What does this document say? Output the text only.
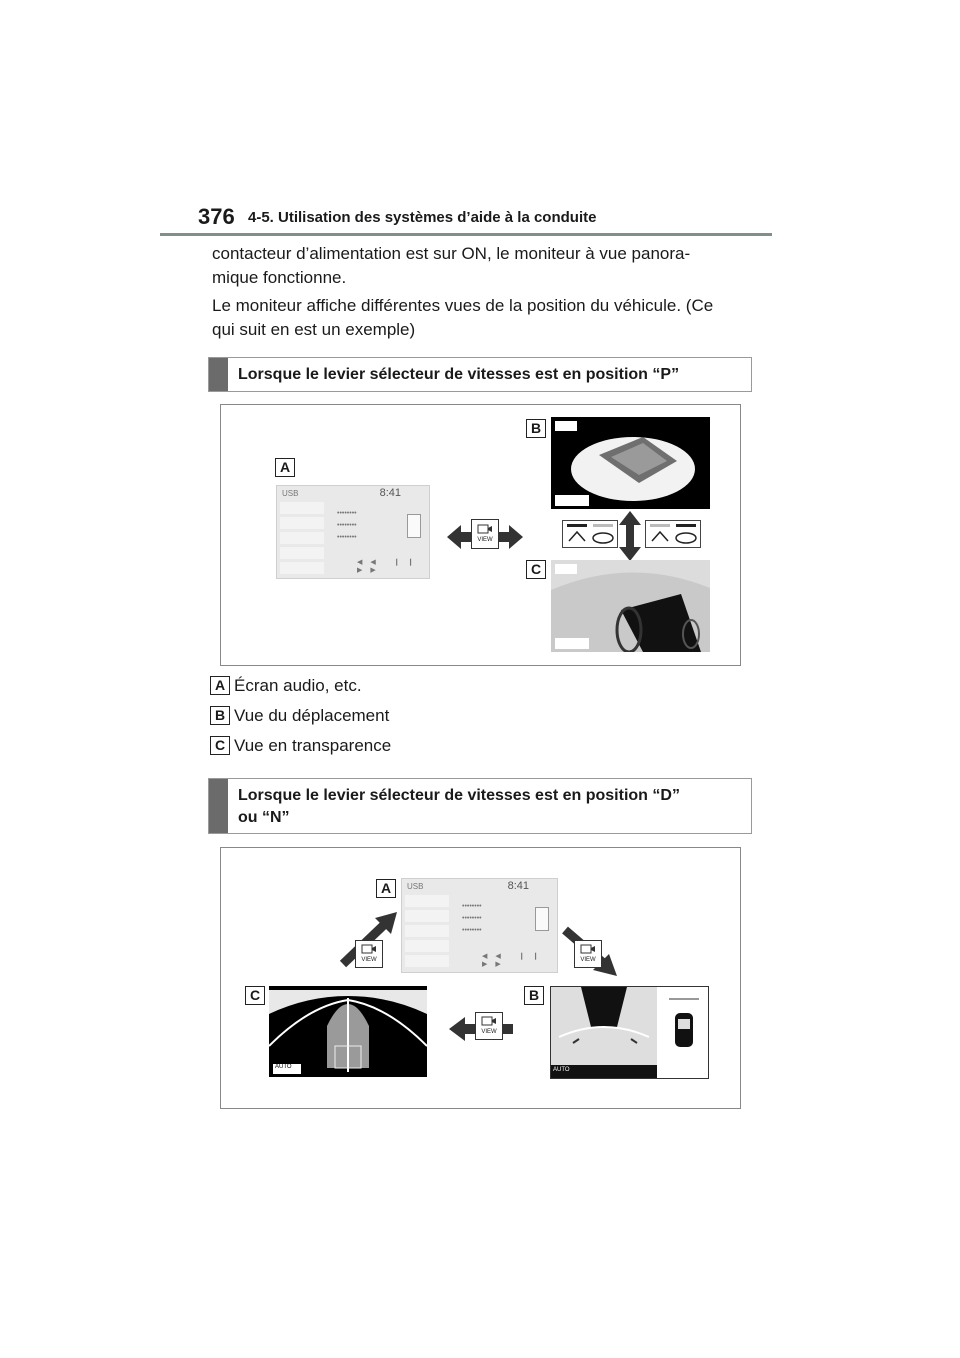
376 4-5. Utilisation des systèmes d’aide à la conduite
contacteur d’alimentation est sur ON, le moniteur à vue panora-
mique fonctionne.
Le moniteur affiche différentes vues de la position du véhicule. (Ce
qui suit en est un exemple)
Lorsque le levier sélecteur de vitesses est en position “P”
A
USB	8:41
••••••••
••••••••
••••••••
◀◀ ❙❙ ▶▶
VIEW
B
C
A Écran audio, etc.
B Vue du déplacement
C Vue en transparence
Lorsque le levier sélecteur de vitesses est en position “D”
ou “N”
A	USB	8:41
••••••••
••••••••
••••••••
◀◀ ❙❙ ▶▶
VIEW	VIEW
C
AUTO
VIEW
B
AUTO
